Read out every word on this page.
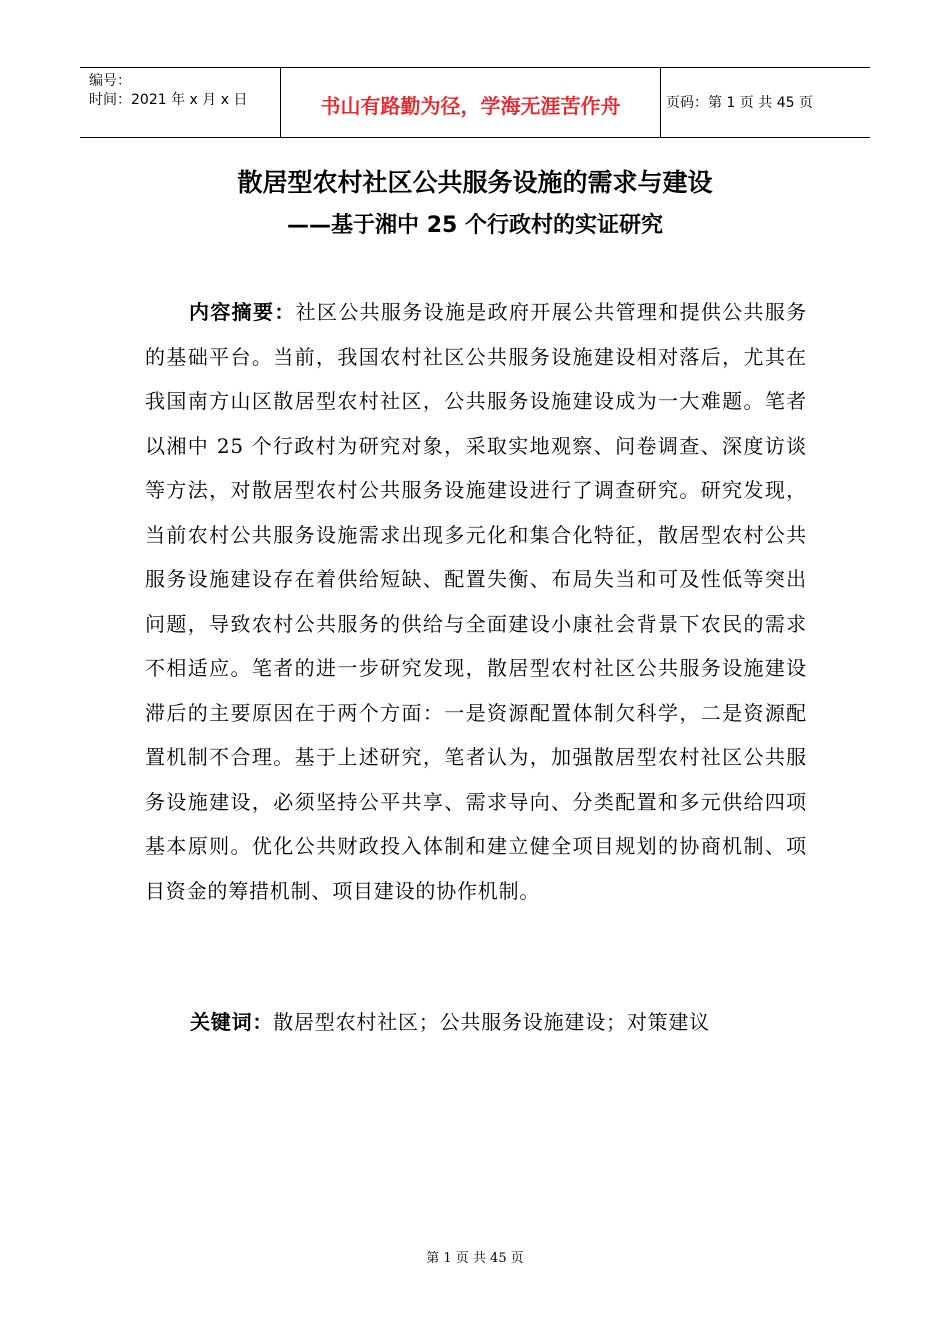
编号：
时间：2021 年 x 月 x 日	书山有路勤为径，学海无涯苦作舟	页码：第 1 页 共 45 页
散居型农村社区公共服务设施的需求与建设
——基于湘中 25 个行政村的实证研究

内容摘要：社区公共服务设施是政府开展公共管理和提供公共服务的基础平台。当前，我国农村社区公共服务设施建设相对落后，尤其在我国南方山区散居型农村社区，公共服务设施建设成为一大难题。笔者以湘中 25 个行政村为研究对象，采取实地观察、问卷调查、深度访谈等方法，对散居型农村公共服务设施建设进行了调查研究。研究发现，当前农村公共服务设施需求出现多元化和集合化特征，散居型农村公共服务设施建设存在着供给短缺、配置失衡、布局失当和可及性低等突出问题，导致农村公共服务的供给与全面建设小康社会背景下农民的需求不相适应。笔者的进一步研究发现，散居型农村社区公共服务设施建设滞后的主要原因在于两个方面：一是资源配置体制欠科学，二是资源配置机制不合理。基于上述研究，笔者认为，加强散居型农村社区公共服务设施建设，必须坚持公平共享、需求导向、分类配置和多元供给四项基本原则。优化公共财政投入体制和建立健全项目规划的协商机制、项目资金的筹措机制、项目建设的协作机制。

关键词：散居型农村社区；公共服务设施建设；对策建议

第 1 页 共 45 页
